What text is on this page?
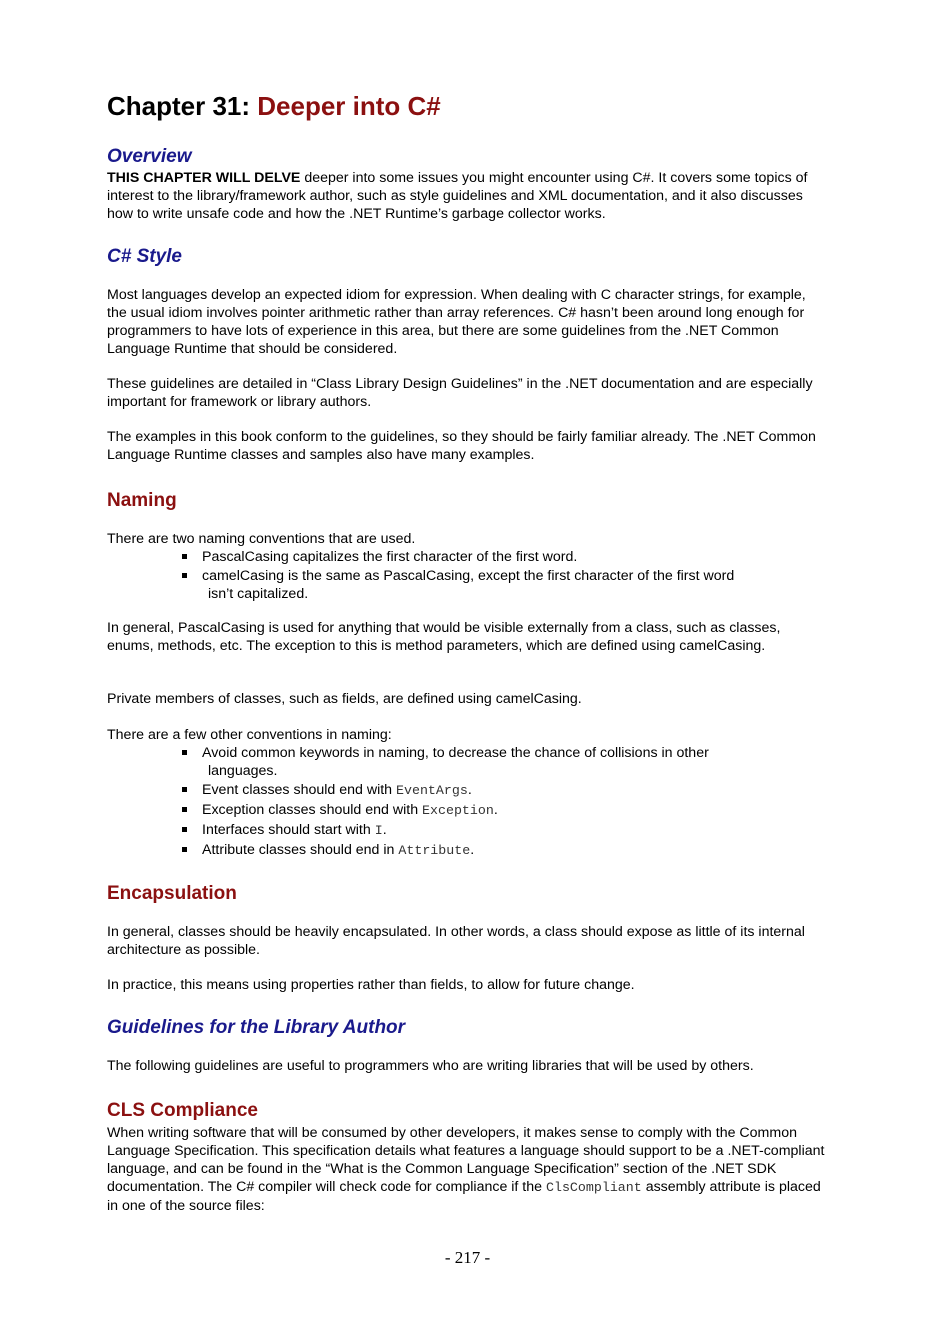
Chapter 31: Deeper into C#
Overview
THIS CHAPTER WILL DELVE deeper into some issues you might encounter using C#. It covers some topics of interest to the library/framework author, such as style guidelines and XML documentation, and it also discusses how to write unsafe code and how the .NET Runtime’s garbage collector works.
C# Style
Most languages develop an expected idiom for expression. When dealing with C character strings, for example, the usual idiom involves pointer arithmetic rather than array references. C# hasn’t been around long enough for programmers to have lots of experience in this area, but there are some guidelines from the .NET Common Language Runtime that should be considered.
These guidelines are detailed in “Class Library Design Guidelines” in the .NET documentation and are especially important for framework or library authors.
The examples in this book conform to the guidelines, so they should be fairly familiar already. The .NET Common Language Runtime classes and samples also have many examples.
Naming
There are two naming conventions that are used.
PascalCasing capitalizes the first character of the first word.
camelCasing is the same as PascalCasing, except the first character of the first word
isn’t capitalized.
In general, PascalCasing is used for anything that would be visible externally from a class, such as classes, enums, methods, etc. The exception to this is method parameters, which are defined using camelCasing.
Private members of classes, such as fields, are defined using camelCasing.
There are a few other conventions in naming:
Avoid common keywords in naming, to decrease the chance of collisions in other
languages.
Event classes should end with EventArgs.
Exception classes should end with Exception.
Interfaces should start with I.
Attribute classes should end in Attribute.
Encapsulation
In general, classes should be heavily encapsulated. In other words, a class should expose as little of its internal architecture as possible.
In practice, this means using properties rather than fields, to allow for future change.
Guidelines for the Library Author
The following guidelines are useful to programmers who are writing libraries that will be used by others.
CLS Compliance
When writing software that will be consumed by other developers, it makes sense to comply with the Common Language Specification. This specification details what features a language should support to be a .NET-compliant language, and can be found in the “What is the Common Language Specification” section of the .NET SDK documentation. The C# compiler will check code for compliance if the ClsCompliant assembly attribute is placed in one of the source files:
- 217 -
